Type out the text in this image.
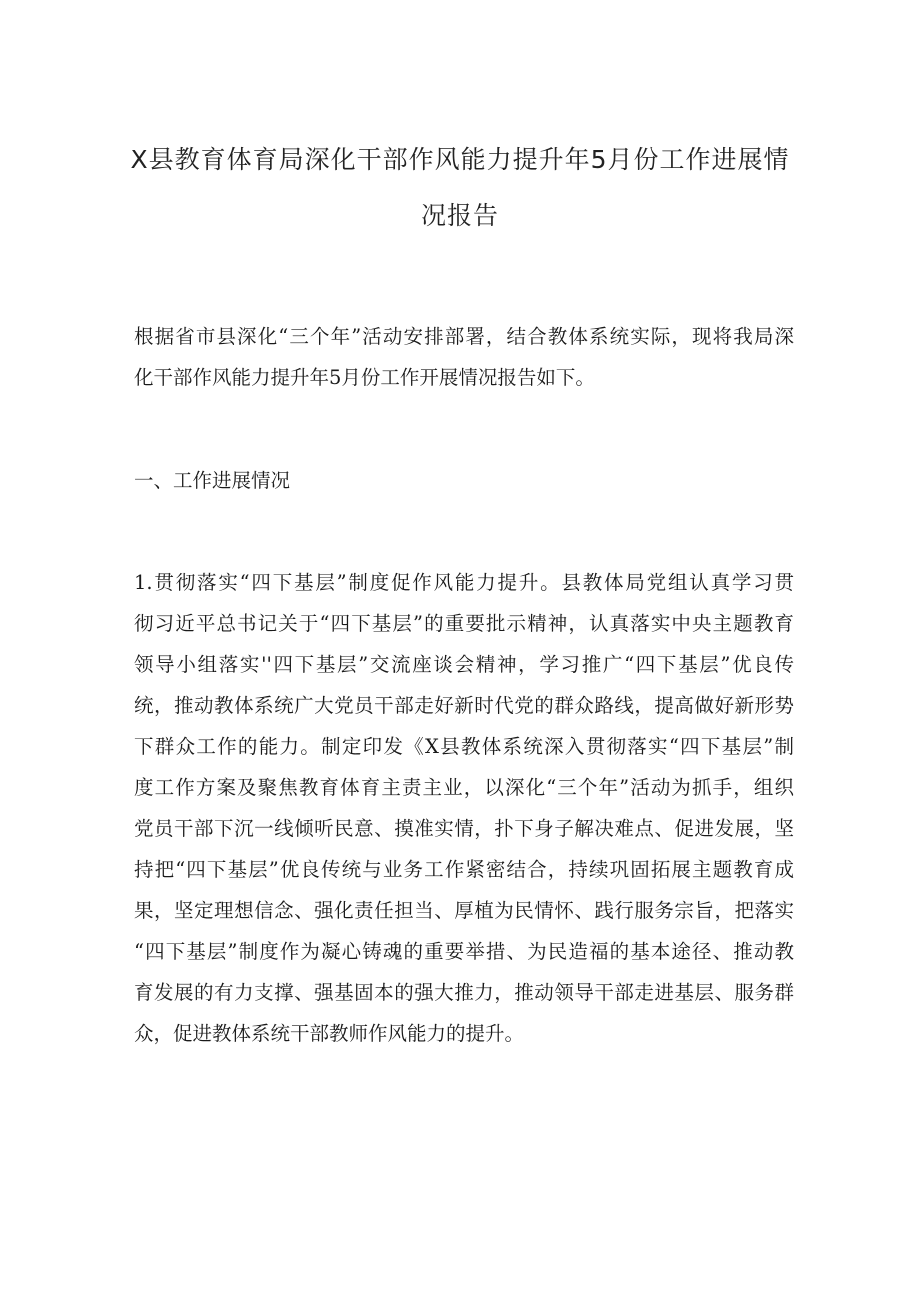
X县教育体育局深化干部作风能力提升年5月份工作进展情
况报告
根据省市县深化“三个年”活动安排部署，结合教体系统实际，现将我局深
化干部作风能力提升年5月份工作开展情况报告如下。
一、工作进展情况
1.贯彻落实“四下基层”制度促作风能力提升。县教体局党组认真学习贯
彻习近平总书记关于“四下基层”的重要批示精神，认真落实中央主题教育
领导小组落实''四下基层”交流座谈会精神，学习推广“四下基层”优良传
统，推动教体系统广大党员干部走好新时代党的群众路线，提高做好新形势
下群众工作的能力。制定印发《X县教体系统深入贯彻落实“四下基层”制
度工作方案及聚焦教育体育主责主业，以深化“三个年”活动为抓手，组织
党员干部下沉一线倾听民意、摸准实情，扑下身子解决难点、促进发展，坚
持把“四下基层”优良传统与业务工作紧密结合，持续巩固拓展主题教育成
果，坚定理想信念、强化责任担当、厚植为民情怀、践行服务宗旨，把落实
“四下基层”制度作为凝心铸魂的重要举措、为民造福的基本途径、推动教
育发展的有力支撑、强基固本的强大推力，推动领导干部走进基层、服务群
众，促进教体系统干部教师作风能力的提升。
